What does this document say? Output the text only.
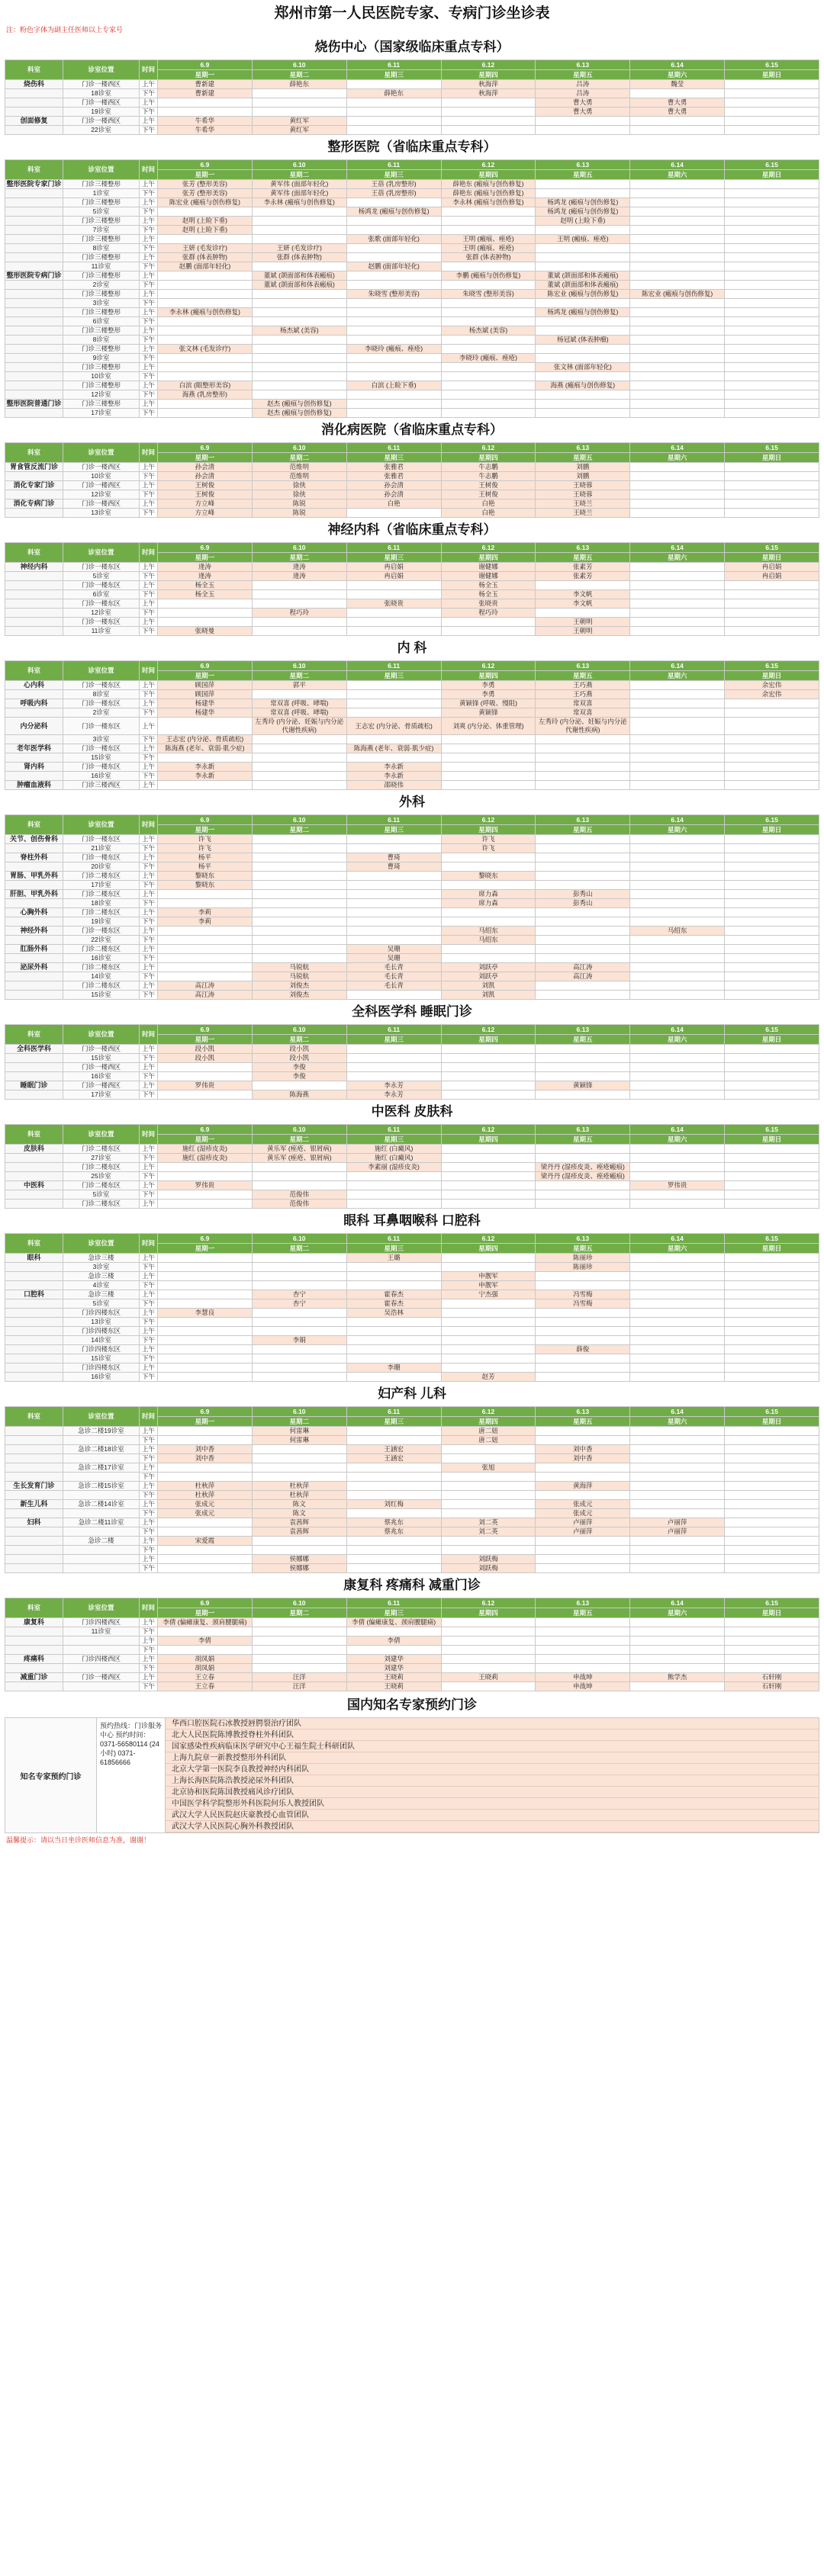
郑州市第一人民医院专家、专病门诊坐诊表
注：粉色字体为副主任医师以上专家号
烧伤中心（国家级临床重点专科）
科室	诊室位置	时间	6.9	6.10	6.11	6.12	6.13	6.14	6.15
			星期一	星期二	星期三	星期四	星期五	星期六	星期日
烧伤科	门诊一楼西区	上午	曹新建	薛艳东		秋海萍	吕涛	魏莹	
	18诊室	下午	曹新建		薛艳东	秋海萍	吕涛		
	门诊一楼西区	上午					曹大勇	曹大勇	
	19诊室	下午					曹大勇	曹大勇	
创面修复	门诊一楼西区	上午	牛希华	黄红军					
	22诊室	下午	牛希华	黄红军					
整形医院（省临床重点专科）
科室	诊室位置	时间	6.9	6.10	6.11	6.12	6.13	6.14	6.15
			星期一	星期二	星期三	星期四	星期五	星期六	星期日
整形医院专家门诊	门诊三楼整形	上午	张芳 (整形美容)	黄军伟 (面部年轻化)	王蓓 (乳房整形)	薛艳东 (瘢痕与创伤修复)			
	1诊室	下午	张芳 (整形美容)	黄军伟 (面部年轻化)	王蓓 (乳房整形)	薛艳东 (瘢痕与创伤修复)			
	门诊三楼整形	上午	陈宏业 (瘢痕与创伤修复)	李永林 (瘢痕与创伤修复)		李永林 (瘢痕与创伤修复)	杨鸿龙 (瘢痕与创伤修复)		
	5诊室	下午			杨鸿龙 (瘢痕与创伤修复)		杨鸿龙 (瘢痕与创伤修复)		
	门诊三楼整形	上午	赵明 (上睑下垂)				赵明 (上睑下垂)		
	7诊室	下午	赵明 (上睑下垂)						
	门诊三楼整形	上午			张歌 (面部年轻化)	王明 (瘢痕、痤疮)	王明 (瘢痕、痤疮)		
	8诊室	下午	王妍 (毛发诊疗)	王妍 (毛发诊疗)		王明 (瘢痕、痤疮)			
	门诊三楼整形	上午	张群 (体表肿物)	张群 (体表肿物)		张群 (体表肿物)			
	11诊室	下午	赵鹏 (面部年轻化)		赵鹏 (面部年轻化)				
整形医院专病门诊	门诊三楼整形	上午		董斌 (颌面部和体表瘢痕)		李鹏 (瘢痕与创伤修复)	董斌 (颌面部和体表瘢痕)		
	2诊室	下午		董斌 (颌面部和体表瘢痕)			董斌 (颌面部和体表瘢痕)		
	门诊三楼整形	上午			朱晓雪 (整形美容)	朱晓雪 (整形美容)	陈宏业 (瘢痕与创伤修复)	陈宏业 (瘢痕与创伤修复)	
	3诊室	下午							
	门诊三楼整形	上午	李永林 (瘢痕与创伤修复)				杨鸿龙 (瘢痕与创伤修复)		
	6诊室	下午							
	门诊三楼整形	上午		杨杰斌 (美容)		杨杰斌 (美容)			
	8诊室	下午					杨冠斌 (体表肿瘤)		
	门诊三楼整形	上午	张文林 (毛发诊疗)		李晓玲 (瘢痕、痤疮)				
	9诊室	下午				李晓玲 (瘢痕、痤疮)			
	门诊三楼整形	上午					张文林 (面部年轻化)		
	10诊室	下午							
	门诊三楼整形	上午	白滨 (眼整形美容)		白滨 (上睑下垂)		海燕 (瘢痕与创伤修复)		
	12诊室	下午	海燕 (乳房整形)						
整形医院普通门诊	门诊三楼整形	上午		赵杰 (瘢痕与创伤修复)					
	17诊室	下午		赵杰 (瘢痕与创伤修复)					
消化病医院（省临床重点专科）
科室	诊室位置	时间	6.9	6.10	6.11	6.12	6.13	6.14	6.15
			星期一	星期二	星期三	星期四	星期五	星期六	星期日
胃食管反流门诊	门诊一楼西区	上午	孙会清	范维明	张雅君	牛志鹏	刘鹏		
	10诊室	下午	孙会清	范维明	张雅君	牛志鹏	刘鹏		
消化专家门诊	门诊一楼西区	上午	王树俊	徐侠	孙会清	王树俊	王晓蓉		
	12诊室	下午	王树俊	徐侠	孙会清	王树俊	王晓蓉		
消化专病门诊	门诊一楼西区	上午	方立峰	陈锐	白艳	白艳	王晓兰		
	13诊室	下午	方立峰	陈锐		白艳	王晓兰		
神经内科（省临床重点专科）
科室	诊室位置	时间	6.9	6.10	6.11	6.12	6.13	6.14	6.15
			星期一	星期二	星期三	星期四	星期五	星期六	星期日
神经内科	门诊一楼东区	上午	逄涛	逄涛	冉启娟	谢健娜	张素芳		冉启娟
	5诊室	下午	逄涛	逄涛	冉启娟	谢健娜	张素芳		冉启娟
	门诊一楼东区	上午	杨全玉			杨全玉			
	6诊室	下午	杨全玉			杨全玉	李文帆		
	门诊一楼东区	上午			张晓贵	张晓贵	李文帆		
	12诊室	下午		程巧玲		程巧玲			
	门诊一楼东区	上午					王朝明		
	11诊室	下午	张晓曼				王朝明		
内 科
科室	诊室位置	时间	6.9	6.10	6.11	6.12	6.13	6.14	6.15
			星期一	星期二	星期三	星期四	星期五	星期六	星期日
心内科	门诊一楼东区	上午	顾国萍	郭平		李勇	王巧燕		余宏伟
	8诊室	下午	顾国萍			李勇	王巧燕		余宏伟
呼吸内科	门诊一楼东区	上午	杨建华	常双喜 (呼吸、哮喘)		黄颖锋 (呼吸、慢阻)	常双喜		
	2诊室	下午	杨建华	常双喜 (呼吸、哮喘)		黄颖锋	常双喜		
内分泌科	门诊一楼东区	上午		左秀玲 (内分泌、妊娠与内分泌代谢性疾病)	王志宏 (内分泌、骨质疏松)	刘爽 (内分泌、体重管理)	左秀玲 (内分泌、妊娠与内分泌代谢性疾病)		
	3诊室	下午	王志宏 (内分泌、骨质疏松)						
老年医学科	门诊一楼东区	上午	陈海燕 (老年、衰弱·肌少症)		陈海燕 (老年、衰弱·肌少症)				
	15诊室	下午							
肾内科	门诊一楼东区	上午	李永新		李永新				
	16诊室	下午	李永新		李永新				
肿瘤血液科	门诊三楼西区	上午			邵晓伟				
外科
科室	诊室位置	时间	6.9	6.10	6.11	6.12	6.13	6.14	6.15
			星期一	星期二	星期三	星期四	星期五	星期六	星期日
关节、创伤骨科	门诊一楼东区	上午	许飞			许飞			
	21诊室	下午	许飞			许飞			
脊柱外科	门诊一楼东区	上午	杨平		曹琦				
	20诊室	下午	杨平		曹琦				
胃肠、甲乳外科	门诊二楼东区	上午	黎晓东			黎晓东			
	17诊室	下午	黎晓东						
肝胆、甲乳外科	门诊二楼东区	上午				席力森	彭秀山		
	18诊室	下午				席力森	彭秀山		
心胸外科	门诊二楼东区	上午	李莉						
	19诊室	下午	李莉						
神经外科	门诊一楼东区	上午				马绍东		马绍东	
	22诊室	下午				马绍东			
肛肠外科	门诊二楼东区	上午			吴珊				
	16诊室	下午			吴珊				
泌尿外科	门诊二楼东区	上午		马锐航	毛长青	刘跃亭	高江涛		
	14诊室	下午		马锐航	毛长青	刘跃亭	高江涛		
	门诊二楼东区	上午	高江涛	刘俊杰	毛长青	刘凯			
	15诊室	下午	高江涛	刘俊杰		刘凯			
全科医学科 睡眠门诊
科室	诊室位置	时间	6.9	6.10	6.11	6.12	6.13	6.14	6.15
			星期一	星期二	星期三	星期四	星期五	星期六	星期日
全科医学科	门诊一楼西区	上午	段小凯	段小凯					
	15诊室	下午	段小凯	段小凯					
	门诊一楼西区	上午		李俊					
	16诊室	下午		李俊					
睡眠门诊	门诊一楼西区	上午	罗伟贵		李永芳		黄颖锋		
	17诊室	下午		陈海燕	李永芳				
中医科 皮肤科
科室	诊室位置	时间	6.9	6.10	6.11	6.12	6.13	6.14	6.15
			星期一	星期二	星期三	星期四	星期五	星期六	星期日
皮肤科	门诊二楼东区	上午	施红 (湿疹皮炎)	黄乐军 (痤疮、银屑病)	施红 (白癜风)				
	27诊室	下午	施红 (湿疹皮炎)	黄乐军 (痤疮、银屑病)	施红 (白癜风)				
	门诊二楼东区	上午			李素丽 (湿疹皮炎)		梁丹丹 (湿疹皮炎、痤疮瘢痕)		
	25诊室	下午					梁丹丹 (湿疹皮炎、痤疮瘢痕)		
中医科	门诊二楼东区	上午	罗伟贵					罗伟贵	
	5诊室	下午		范俊伟					
	门诊二楼东区	上午		范俊伟					
眼科 耳鼻咽喉科 口腔科
科室	诊室位置	时间	6.9	6.10	6.11	6.12	6.13	6.14	6.15
			星期一	星期二	星期三	星期四	星期五	星期六	星期日
眼科	急诊三楼	上午			王璐		陈丽珍		
	3诊室	下午					陈丽珍		
	急诊三楼	上午				申靓军			
	4诊室	下午				申靓军			
口腔科	急诊三楼	上午		杏宁	霍春杰	宁杰强	冯雪梅		
	5诊室	下午		杏宁	霍春杰		冯雪梅		
	门诊四楼东区	上午	李慧良		吴浩林				
	13诊室	下午							
	门诊四楼东区	上午							
	14诊室	下午		李娟					
	门诊四楼东区	上午					薛俊		
	15诊室	下午							
	门诊四楼东区	上午			李珊				
	16诊室	下午				赵芳			
妇产科 儿科
科室	诊室位置	时间	6.9	6.10	6.11	6.12	6.13	6.14	6.15
			星期一	星期二	星期三	星期四	星期五	星期六	星期日
	急诊二楼19诊室	上午		何雷琳		唐二妞			
		下午		何雷琳		唐二妞			
	急诊二楼18诊室	上午	刘中香		王涵宏		刘中香		
		下午	刘中香		王涵宏		刘中香		
	急诊二楼17诊室	上午				张旭			
		下午							
生长发育门诊	急诊二楼15诊室	上午	杜秋萍	杜秋萍			黄海萍		
		下午	杜秋萍	杜秋萍					
新生儿科	急诊二楼14诊室	上午	张成元	陈文	刘红梅		张成元		
		下午	张成元	陈文			张成元		
妇科	急诊二楼11诊室	上午		袁茜辉	蔡兆东	刘二英	卢丽萍	卢丽萍	
		下午		袁茜辉	蔡兆东	刘二英	卢丽萍	卢丽萍	
	急诊二楼	上午	宋爱霞						
		下午							
		上午		侯娜娜		刘跃梅			
		下午		侯娜娜		刘跃梅			
康复科 疼痛科 减重门诊
科室	诊室位置	时间	6.9	6.10	6.11	6.12	6.13	6.14	6.15
			星期一	星期二	星期三	星期四	星期五	星期六	星期日
康复科	门诊四楼西区	上午	李倩 (偏瘫康复、颈肩腰腿痛)		李倩 (偏瘫康复、颈肩腰腿痛)				
	11诊室	下午							
		上午	李倩		李倩				
		下午							
疼痛科	门诊四楼西区	上午	胡凤娟		刘建华				
		下午	胡凤娟		刘建华				
减重门诊	门诊一楼西区	上午	王立春	汪洋	王晓莉	王晓莉	申战坤	熊学杰	石轩刚
		下午	王立春	汪洋	王晓莉		申战坤		石轩刚
国内知名专家预约门诊
知名专家预约门诊
预约热线：门诊服务中心 预约时间：0371-56580114 (24小时) 0371-61856666
华西口腔医院石冰教授唇腭裂治疗团队
北大人民医院陈博教授脊柱外科团队
国家感染性疾病临床医学研究中心王福生院士科研团队
上海九院章一新教授整形外科团队
北京大学第一医院李良教授神经内科团队
上海长海医院陈浩教授泌尿外科团队
北京协和医院陈国教授痛风诊疗团队
中国医学科学院整形外科医院何乐人教授团队
武汉大学人民医院赵庆豪教授心血管团队
武汉大学人民医院心胸外科教授团队
温馨提示：请以当日坐诊医师信息为准，谢谢！
